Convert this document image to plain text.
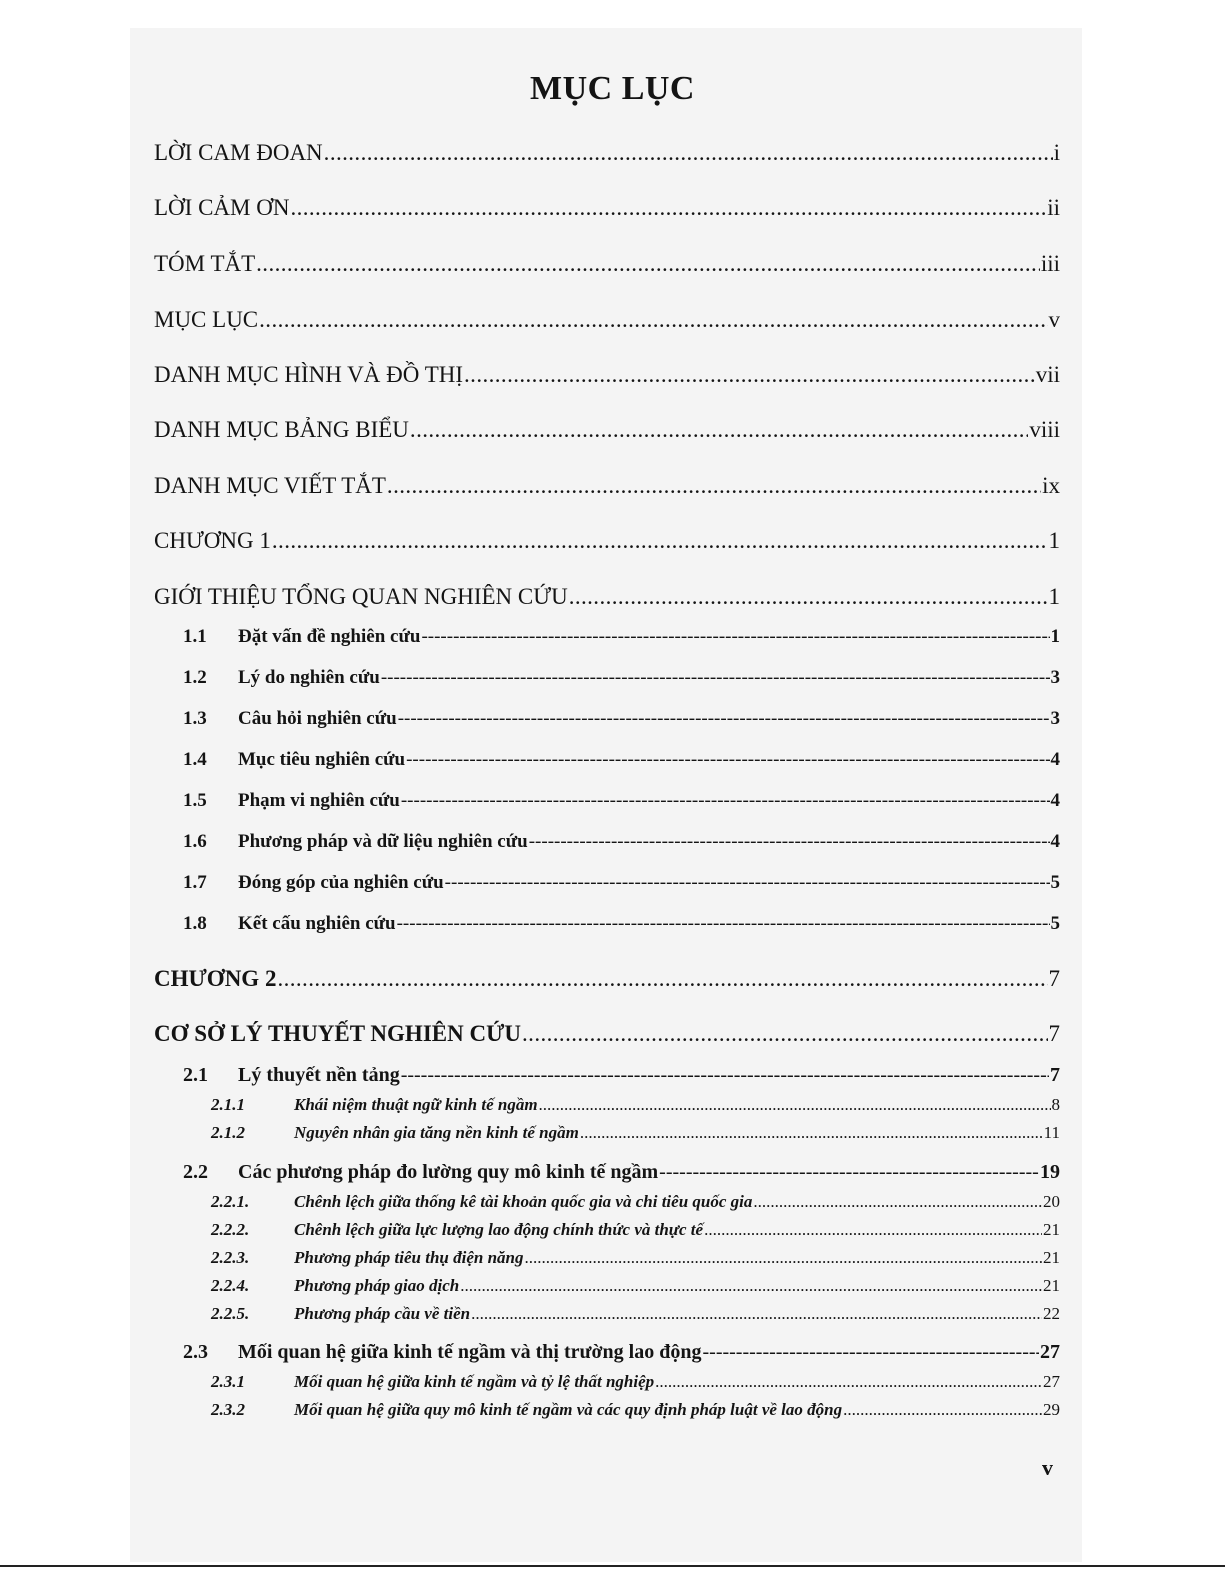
MỤC LỤC
LỜI CAM ĐOAN .....	i
LỜI CẢM ƠN .....	ii
TÓM TẮT .....	iii
MỤC LỤC .....	v
DANH MỤC HÌNH VÀ ĐỒ THỊ .....	vii
DANH MỤC BẢNG BIỂU .....	viii
DANH MỤC VIẾT TẮT .....	ix
CHƯƠNG 1 .....	1
GIỚI THIỆU TỔNG QUAN NGHIÊN CỨU .....	1
1.1	Đặt vấn đề nghiên cứu -----	1
1.2	Lý do nghiên cứu -----	3
1.3	Câu hỏi nghiên cứu -----	3
1.4	Mục tiêu nghiên cứu -----	4
1.5	Phạm vi nghiên cứu -----	4
1.6	Phương pháp và dữ liệu nghiên cứu -----	4
1.7	Đóng góp của nghiên cứu -----	5
1.8	Kết cấu nghiên cứu -----	5
CHƯƠNG 2 .....	7
CƠ SỞ LÝ THUYẾT NGHIÊN CỨU .....	7
2.1	Lý thuyết nền tảng -----	7
2.1.1	Khái niệm thuật ngữ kinh tế ngầm .....	8
2.1.2	Nguyên nhân gia tăng nền kinh tế ngầm .....	11
2.2	Các phương pháp đo lường quy mô kinh tế ngầm -----	19
2.2.1.	Chênh lệch giữa thống kê tài khoản quốc gia và chi tiêu quốc gia .....	20
2.2.2.	Chênh lệch giữa lực lượng lao động chính thức và thực tế .....	21
2.2.3.	Phương pháp tiêu thụ điện năng .....	21
2.2.4.	Phương pháp giao dịch .....	21
2.2.5.	Phương pháp cầu về tiền .....	22
2.3	Mối quan hệ giữa kinh tế ngầm và thị trường lao động -----	27
2.3.1	Mối quan hệ giữa kinh tế ngầm và tỷ lệ thất nghiệp .....	27
2.3.2	Mối quan hệ giữa quy mô kinh tế ngầm và các quy định pháp luật về lao động .....	29
v
